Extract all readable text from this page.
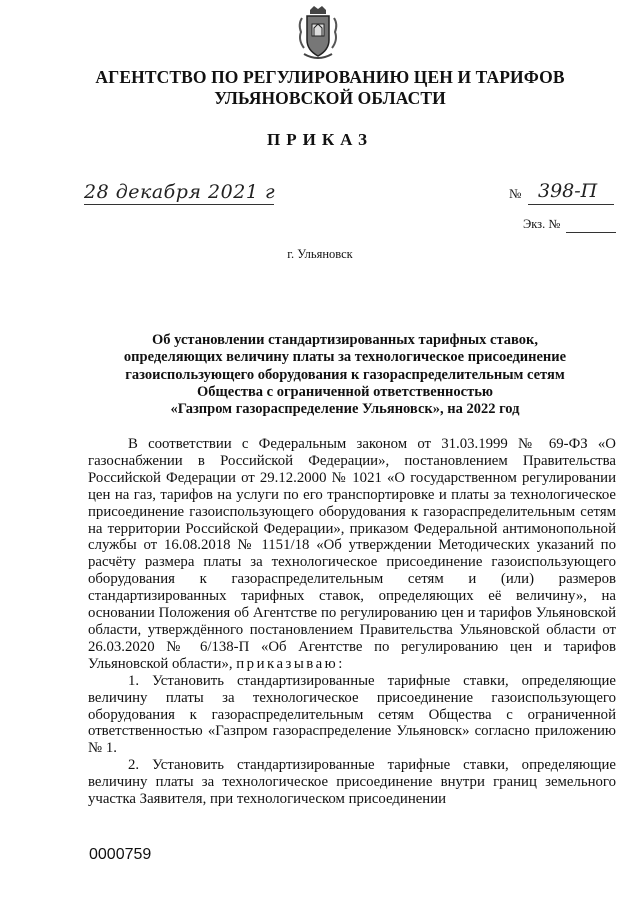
АГЕНТСТВО ПО РЕГУЛИРОВАНИЮ ЦЕН И ТАРИФОВ
УЛЬЯНОВСКОЙ ОБЛАСТИ
ПРИКАЗ
28 декабря 2021 г	№ 398-П
Экз. №
г. Ульяновск
Об установлении стандартизированных тарифных ставок,
определяющих величину платы за технологическое присоединение
газоиспользующего оборудования к газораспределительным сетям
Общества с ограниченной ответственностью
«Газпром газораспределение Ульяновск», на 2022 год

В соответствии с Федеральным законом от 31.03.1999 № 69-ФЗ «О газоснабжении в Российской Федерации», постановлением Правительства Российской Федерации от 29.12.2000 № 1021 «О государственном регулировании цен на газ, тарифов на услуги по его транспортировке и платы за технологическое присоединение газоиспользующего оборудования к газораспределительным сетям на территории Российской Федерации», приказом Федеральной антимонопольной службы от 16.08.2018 № 1151/18 «Об утверждении Методических указаний по расчёту размера платы за технологическое присоединение газоиспользующего оборудования к газораспределительным сетям и (или) размеров стандартизированных тарифных ставок, определяющих её величину», на основании Положения об Агентстве по регулированию цен и тарифов Ульяновской области, утверждённого постановлением Правительства Ульяновской области от 26.03.2020 № 6/138-П «Об Агентстве по регулированию цен и тарифов Ульяновской области», приказываю:

1. Установить стандартизированные тарифные ставки, определяющие величину платы за технологическое присоединение газоиспользующего оборудования к газораспределительным сетям Общества с ограниченной ответственностью «Газпром газораспределение Ульяновск» согласно приложению № 1.

2. Установить стандартизированные тарифные ставки, определяющие величину платы за технологическое присоединение внутри границ земельного участка Заявителя, при технологическом присоединении

0000759
